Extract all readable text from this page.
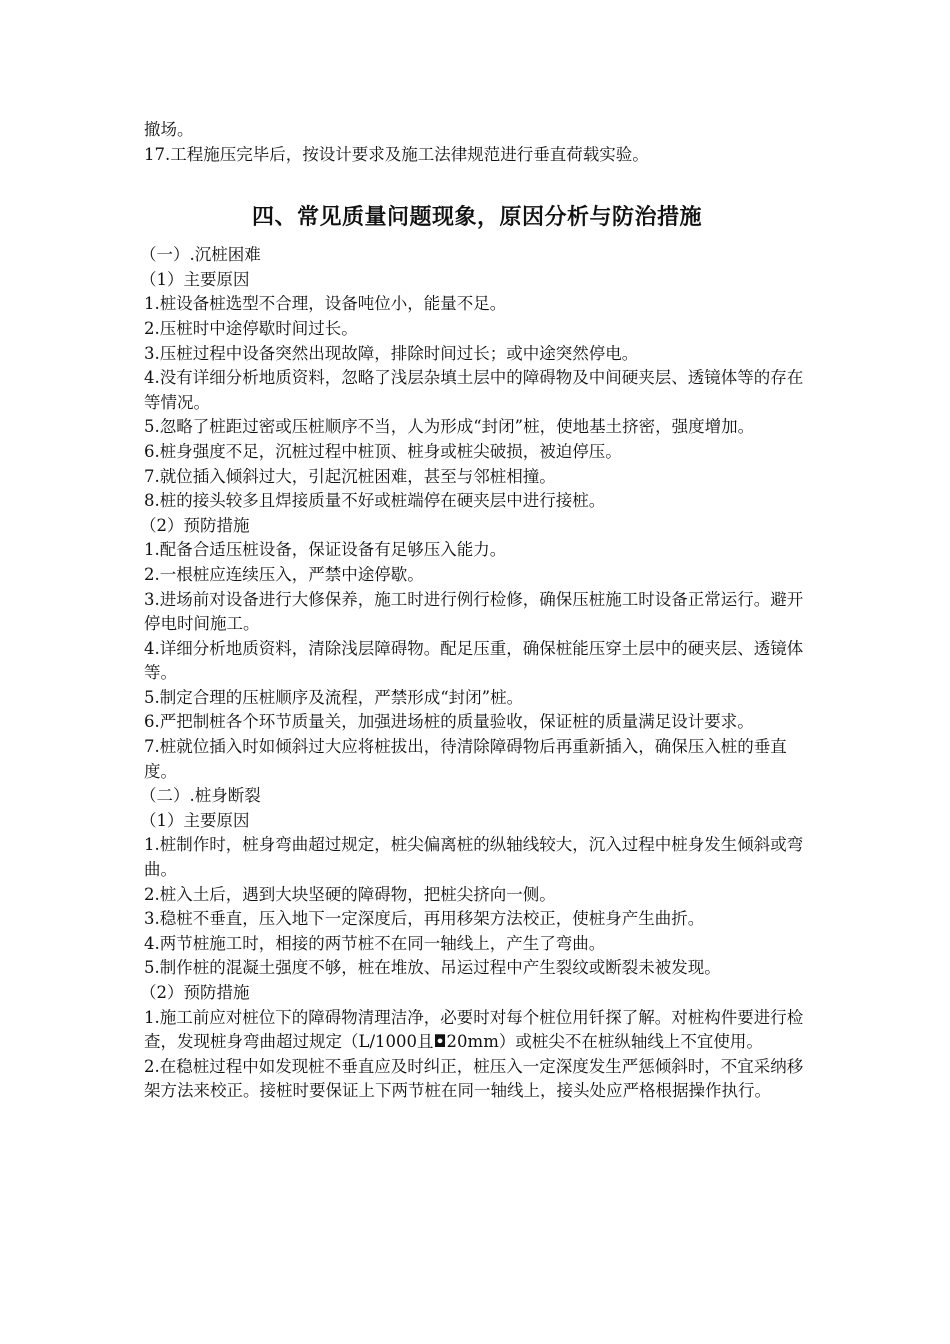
撤场。

17.工程施压完毕后，按设计要求及施工法律规范进行垂直荷载实验。

四、常见质量问题现象，原因分析与防治措施

（一）.沉桩困难

（1）主要原因

1.桩设备桩选型不合理，设备吨位小，能量不足。

2.压桩时中途停歇时间过长。

3.压桩过程中设备突然出现故障，排除时间过长；或中途突然停电。

4.没有详细分析地质资料，忽略了浅层杂填土层中的障碍物及中间硬夹层、透镜体等的存在等情况。

5.忽略了桩距过密或压桩顺序不当，人为形成“封闭”桩，使地基土挤密，强度增加。

6.桩身强度不足，沉桩过程中桩顶、桩身或桩尖破损，被迫停压。

7.就位插入倾斜过大，引起沉桩困难，甚至与邻桩相撞。

8.桩的接头较多且焊接质量不好或桩端停在硬夹层中进行接桩。

（2）预防措施

1.配备合适压桩设备，保证设备有足够压入能力。

2.一根桩应连续压入，严禁中途停歇。

3.进场前对设备进行大修保养，施工时进行例行检修，确保压桩施工时设备正常运行。避开停电时间施工。

4.详细分析地质资料，清除浅层障碍物。配足压重，确保桩能压穿土层中的硬夹层、透镜体等。

5.制定合理的压桩顺序及流程，严禁形成“封闭”桩。

6.严把制桩各个环节质量关，加强进场桩的质量验收，保证桩的质量满足设计要求。

7.桩就位插入时如倾斜过大应将桩拔出，待清除障碍物后再重新插入，确保压入桩的垂直度。

（二）.桩身断裂

（1）主要原因

1.桩制作时，桩身弯曲超过规定，桩尖偏离桩的纵轴线较大，沉入过程中桩身发生倾斜或弯曲。

2.桩入土后，遇到大块坚硬的障碍物，把桩尖挤向一侧。

3.稳桩不垂直，压入地下一定深度后，再用移架方法校正，使桩身产生曲折。

4.两节桩施工时，相接的两节桩不在同一轴线上，产生了弯曲。

5.制作桩的混凝土强度不够，桩在堆放、吊运过程中产生裂纹或断裂未被发现。

（2）预防措施

1.施工前应对桩位下的障碍物清理洁净，必要时对每个桩位用钎探了解。对桩构件要进行检查，发现桩身弯曲超过规定（L/1000且◘20mm）或桩尖不在桩纵轴线上不宜使用。

2.在稳桩过程中如发现桩不垂直应及时纠正，桩压入一定深度发生严惩倾斜时，不宜采纳移架方法来校正。接桩时要保证上下两节桩在同一轴线上，接头处应严格根据操作执行。
